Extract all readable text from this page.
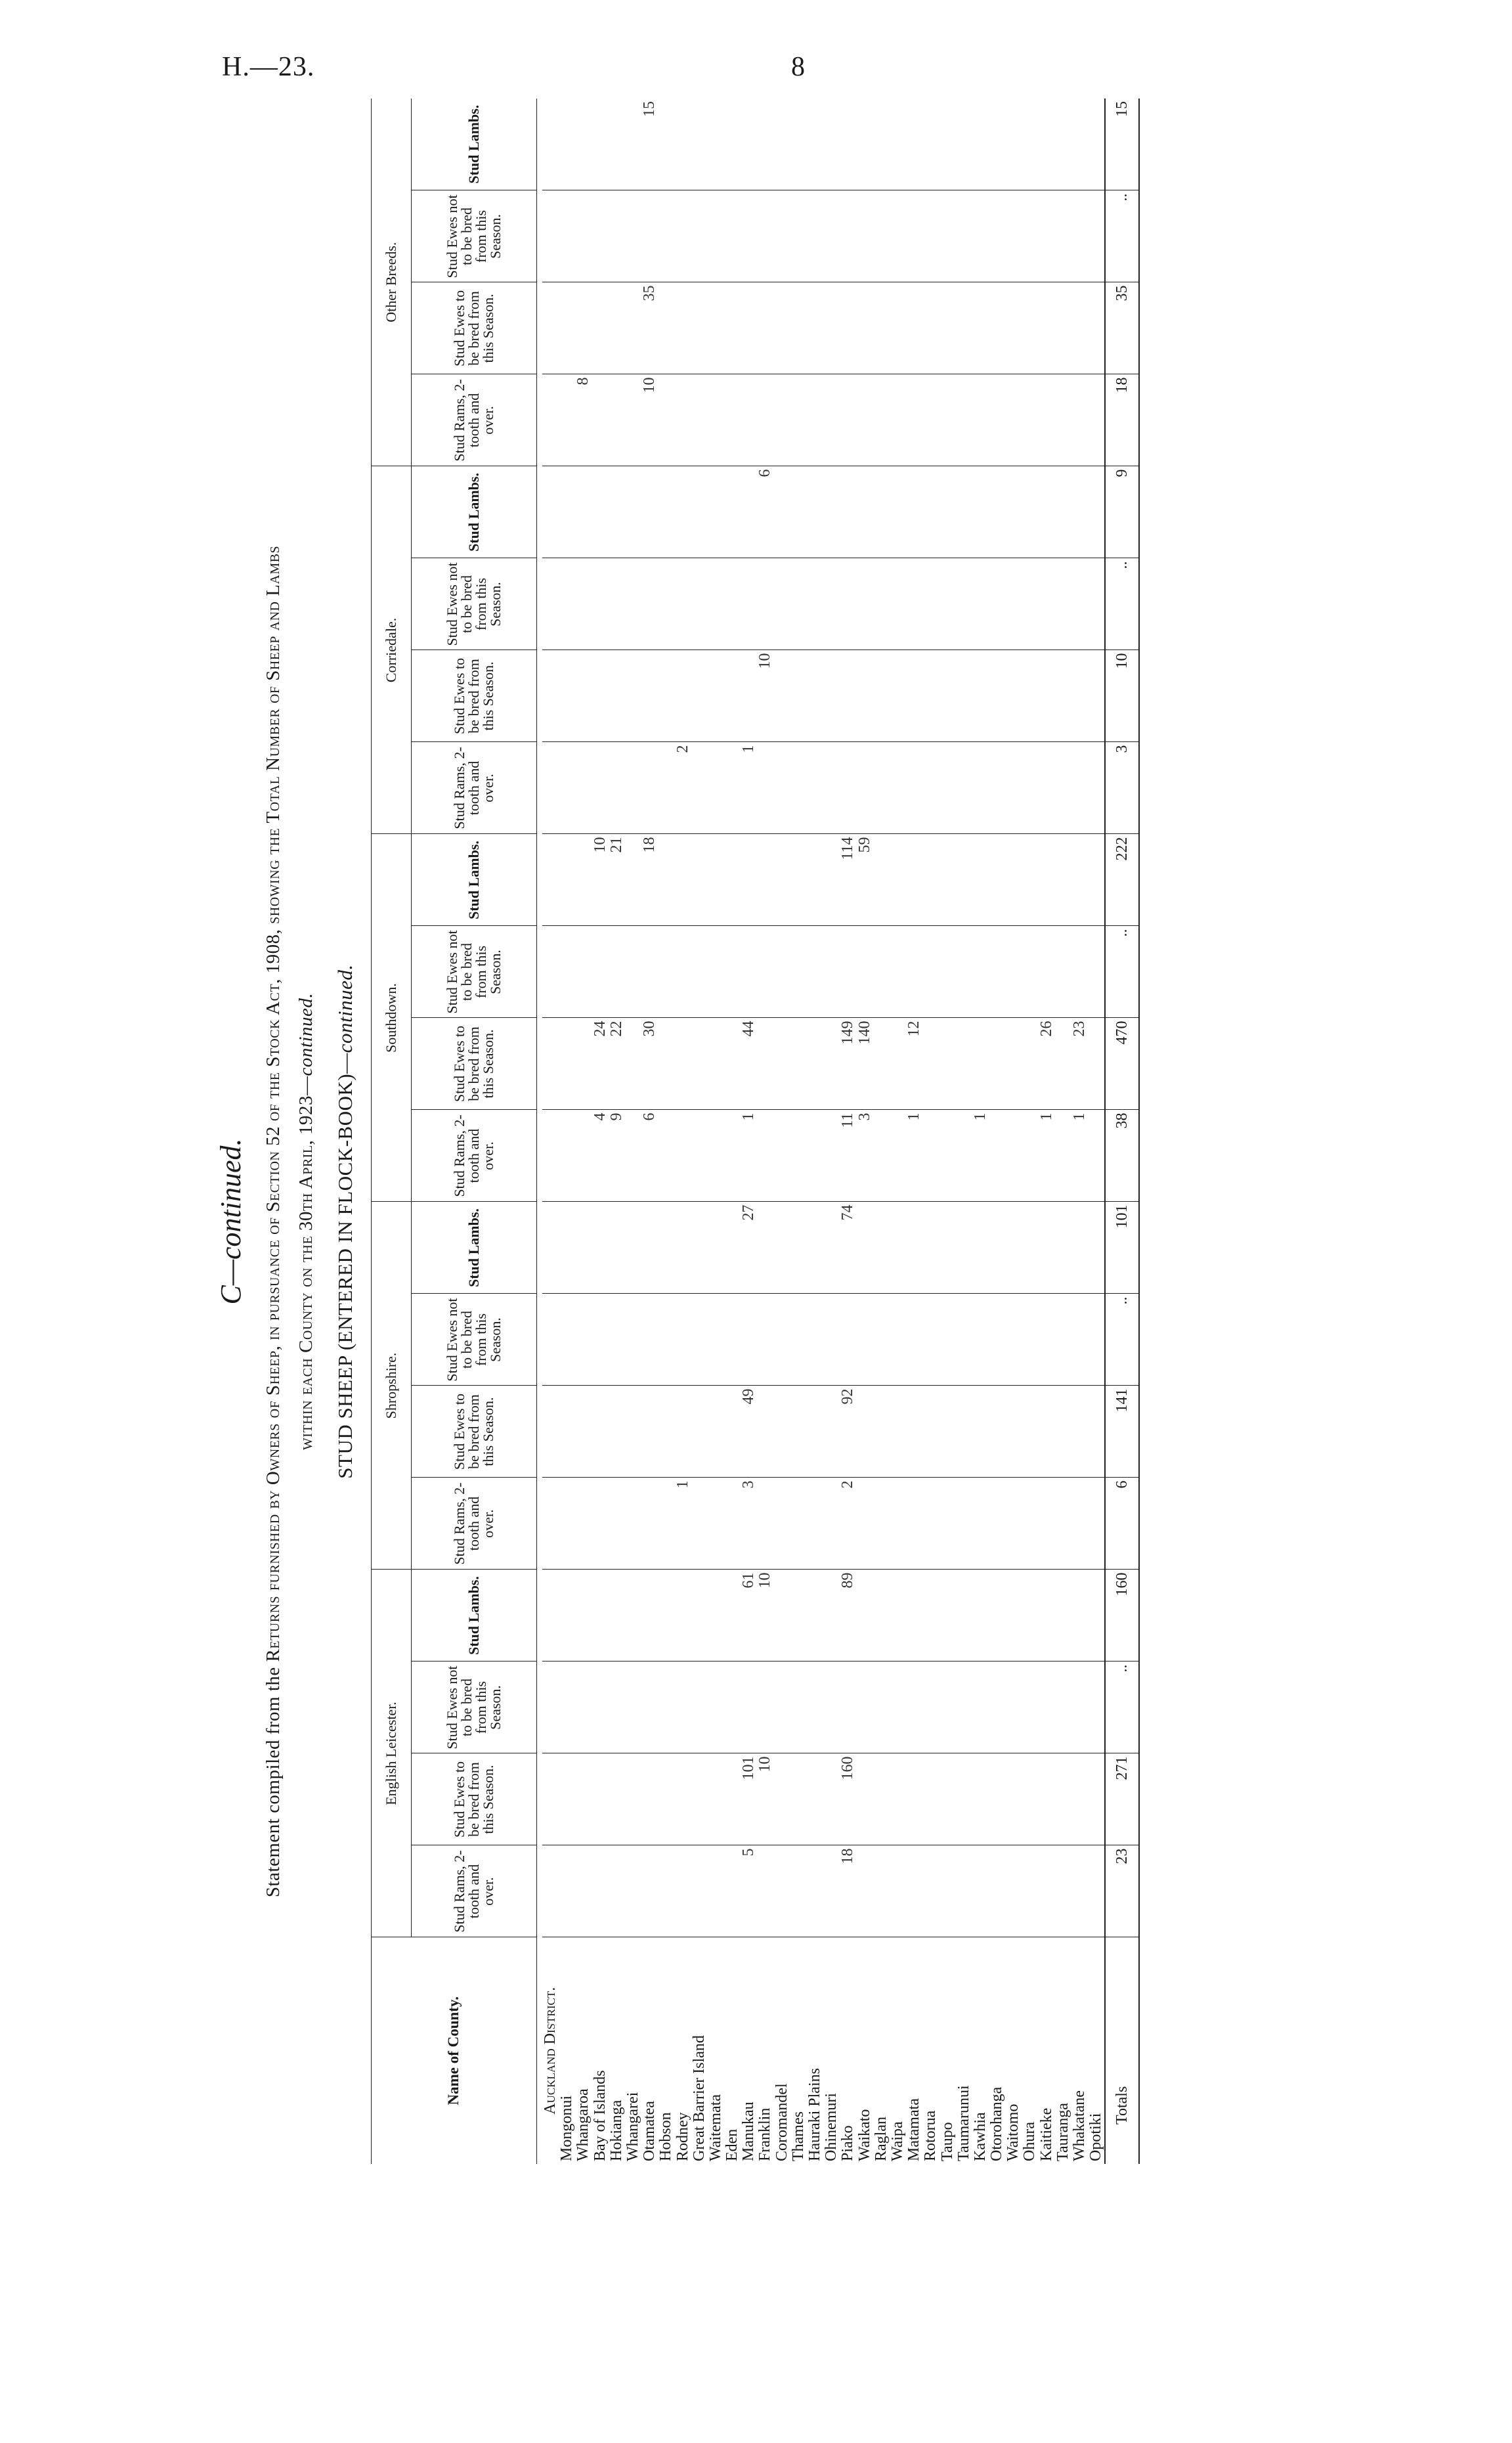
H.—23.	8
C—continued.
Statement compiled from the Returns furnished by Owners of Sheep, in pursuance of Section 52 of the Stock Act, 1908, showing the Total Number of Sheep and Lambs
within each County on the 30th April, 1923—continued.
STUD SHEEP (ENTERED IN FLOCK-BOOK)—continued.
Name of County.	English Leicester.				Shropshire.				Southdown.				Corriedale.				Other Breeds.			
	Stud Rams, 2-tooth and over.	Stud Ewes to be bred from this Season.	Stud Ewes not to be bred from this Season.	Stud Lambs.	Stud Rams, 2-tooth and over.	Stud Ewes to be bred from this Season.	Stud Ewes not to be bred from this Season.	Stud Lambs.	Stud Rams, 2-tooth and over.	Stud Ewes to be bred from this Season.	Stud Ewes not to be bred from this Season.	Stud Lambs.	Stud Rams, 2-tooth and over.	Stud Ewes to be bred from this Season.	Stud Ewes not to be bred from this Season.	Stud Lambs.	Stud Rams, 2-tooth and over.	Stud Ewes to be bred from this Season.	Stud Ewes not to be bred from this Season.	Stud Lambs.

Auckland District.																				
Mongonui																				
Whangaroa																	8			
Bay of Islands									4	24		10								
Hokianga									9	22		21								
Whangarei																				
Otamatea									6	30		18					10	35		15
Hobson																				
Rodney					1								2							
Great Barrier Island																				
Waitemata																				
Eden																				
Manukau	5	101		61	3	49		27	1	44			1							
Franklin		10		10										10		6				
Coromandel																				
Thames																				
Hauraki Plains																				
Ohinemuri																				
Piako	18	160		89	2	92		74	11	149		114								
Waikato									3	140		59								
Raglan																				
Waipa																				
Matamata									1	12										
Rotorua																				
Taupo																				
Taumarunui																				
Kawhia									1											
Otorohanga																				
Waitomo																				
Ohura																				
Kaitieke									1	26										
Tauranga																				
Whakatane									1	23										
Opotiki																				
Totals	23	271	..	160	6	141	..	101	38	470	..	222	3	10	..	9	18	35	..	15
